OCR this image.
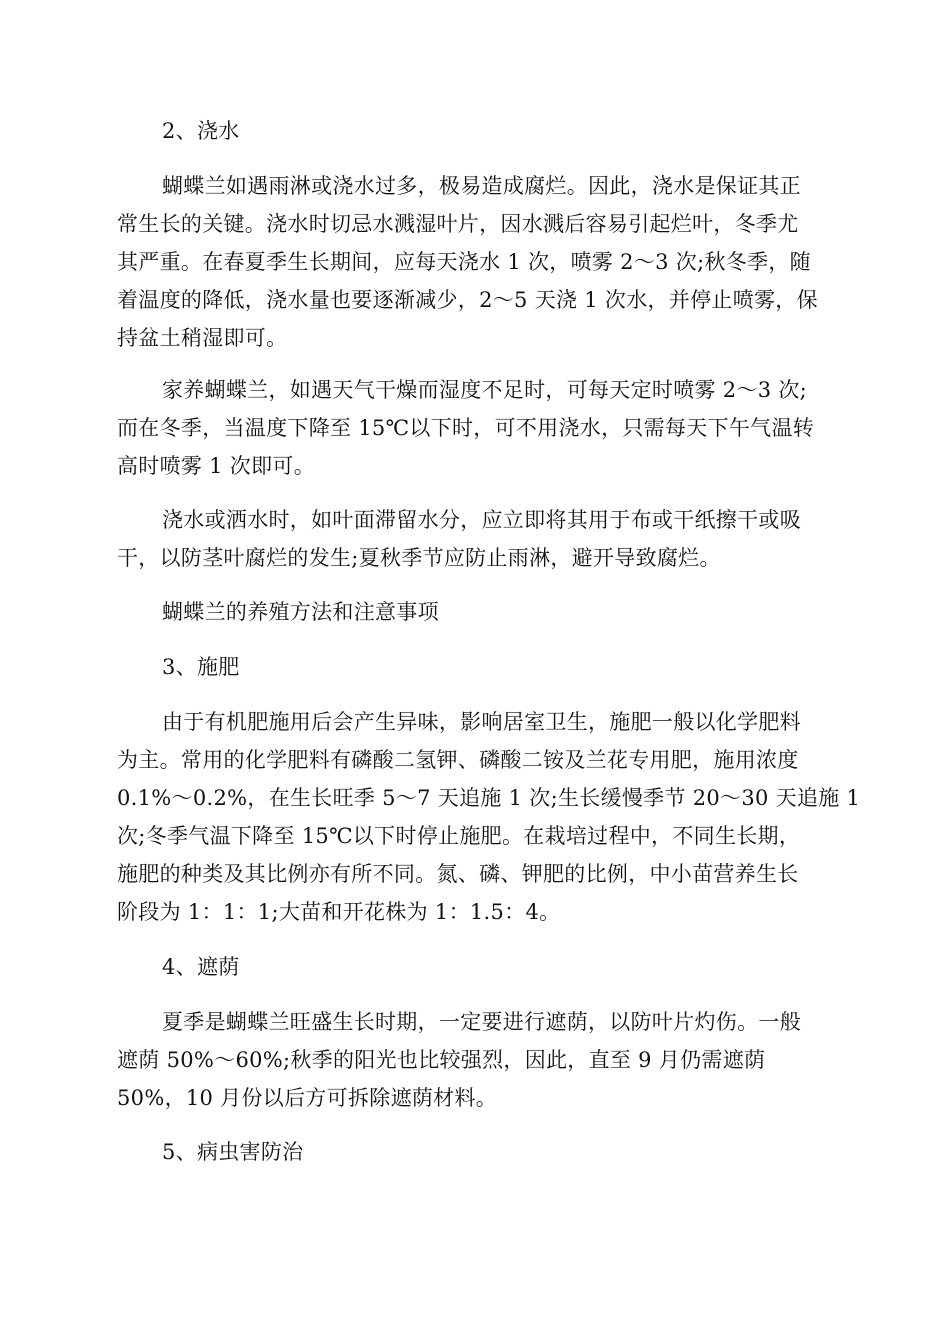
2、浇水
蝴蝶兰如遇雨淋或浇水过多，极易造成腐烂。因此，浇水是保证其正
常生长的关键。浇水时切忌水溅湿叶片，因水溅后容易引起烂叶，冬季尤
其严重。在春夏季生长期间，应每天浇水 1 次，喷雾 2～3 次;秋冬季，随
着温度的降低，浇水量也要逐渐减少，2～5 天浇 1 次水，并停止喷雾，保
持盆土稍湿即可。
家养蝴蝶兰，如遇天气干燥而湿度不足时，可每天定时喷雾 2～3 次;
而在冬季，当温度下降至 15℃以下时，可不用浇水，只需每天下午气温转
高时喷雾 1 次即可。
浇水或洒水时，如叶面滞留水分，应立即将其用于布或干纸擦干或吸
干，以防茎叶腐烂的发生;夏秋季节应防止雨淋，避开导致腐烂。
蝴蝶兰的养殖方法和注意事项
3、施肥
由于有机肥施用后会产生异味，影响居室卫生，施肥一般以化学肥料
为主。常用的化学肥料有磷酸二氢钾、磷酸二铵及兰花专用肥，施用浓度
0.1%～0.2%，在生长旺季 5～7 天追施 1 次;生长缓慢季节 20～30 天追施 1
次;冬季气温下降至 15℃以下时停止施肥。在栽培过程中，不同生长期，
施肥的种类及其比例亦有所不同。氮、磷、钾肥的比例，中小苗营养生长
阶段为 1：1：1;大苗和开花株为 1：1.5：4。
4、遮荫
夏季是蝴蝶兰旺盛生长时期，一定要进行遮荫，以防叶片灼伤。一般
遮荫 50%～60%;秋季的阳光也比较强烈，因此，直至 9 月仍需遮荫
50%，10 月份以后方可拆除遮荫材料。
5、病虫害防治
